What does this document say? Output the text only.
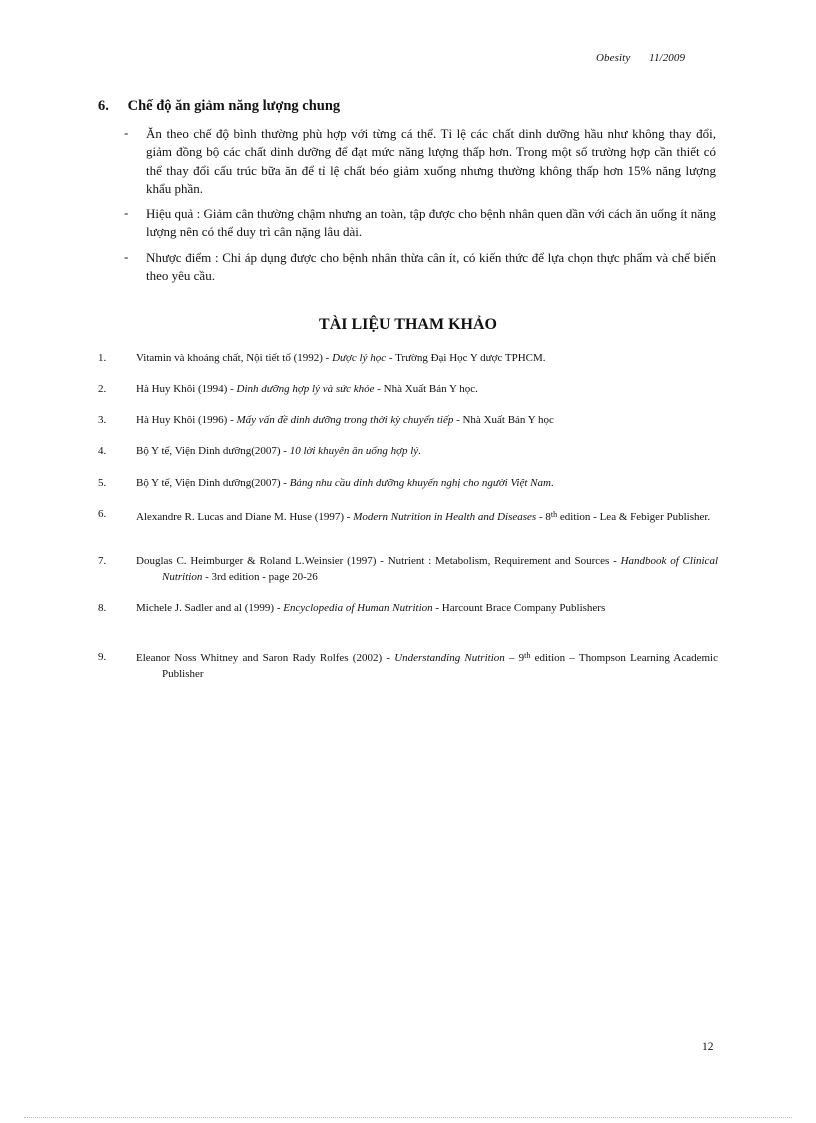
Obesity 11/2009
6. Chế độ ăn giảm năng lượng chung
- Ăn theo chế độ bình thường phù hợp với từng cá thể. Tỉ lệ các chất dinh dưỡng hầu như không thay đổi, giảm đồng bộ các chất dinh dưỡng để đạt mức năng lượng thấp hơn. Trong một số trường hợp cần thiết có thể thay đổi cấu trúc bữa ăn để tỉ lệ chất béo giảm xuống nhưng thường không thấp hơn 15% năng lượng khẩu phần.
- Hiệu quả : Giảm cân thường chậm nhưng an toàn, tập được cho bệnh nhân quen dần với cách ăn uống ít năng lượng nên có thể duy trì cân nặng lâu dài.
- Nhược điểm : Chỉ áp dụng được cho bệnh nhân thừa cân ít, có kiến thức để lựa chọn thực phẩm và chế biến theo yêu cầu.
TÀI LIỆU THAM KHẢO
1.	Vitamin và khoáng chất, Nội tiết tố (1992) - Dược lý học - Trường Đại Học Y dược TPHCM.
2.	Hà Huy Khôi (1994) - Dinh dưỡng hợp lý và sức khỏe - Nhà Xuất Bản Y học.
3.	Hà Huy Khôi (1996) - Mấy vấn đề dinh dưỡng trong thời kỳ chuyển tiếp - Nhà Xuất Bản Y học
4.	Bộ Y tế, Viện Dinh dưỡng(2007) - 10 lời khuyên ăn uống hợp lý.
5.	Bộ Y tế, Viện Dinh dưỡng(2007) - Bảng nhu cầu dinh dưỡng khuyến nghị cho người Việt Nam.
6.	Alexandre R. Lucas and Diane M. Huse (1997) - Modern Nutrition in Health and Diseases - 8th edition - Lea & Febiger Publisher.
7.	Douglas C. Heimburger & Roland L.Weinsier (1997) - Nutrient : Metabolism, Requirement and Sources - Handbook of Clinical Nutrition - 3rd edition - page 20-26
8.	Michele J. Sadler and al (1999) - Encyclopedia of Human Nutrition - Harcount Brace Company Publishers
9.	Eleanor Noss Whitney and Saron Rady Rolfes (2002) - Understanding Nutrition – 9th edition – Thompson Learning Academic Publisher
12
